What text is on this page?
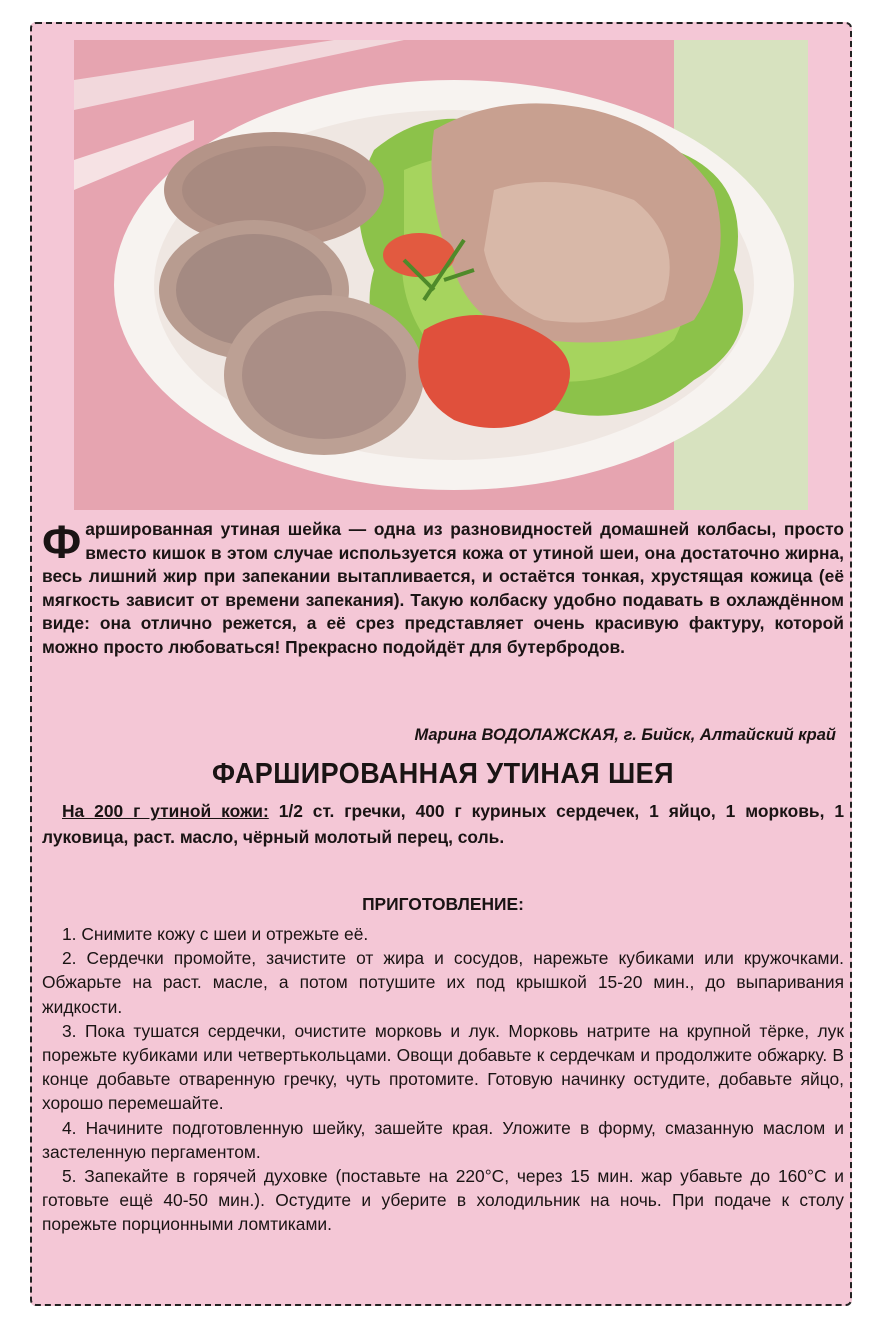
Фаршированная утиная шейка — одна из разновидностей домашней колбасы, просто вместо кишок в этом случае используется кожа от утиной шеи, она достаточно жирна, весь лишний жир при запекании вытапливается, и остаётся тонкая, хрустящая кожица (её мягкость зависит от времени запекания). Такую колбаску удобно подавать в охлаждённом виде: она отлично режется, а её срез представляет очень красивую фактуру, которой можно просто любоваться! Прекрасно подойдёт для бутербродов.

Марина ВОДОЛАЖСКАЯ, г. Бийск, Алтайский край
ФАРШИРОВАННАЯ УТИНАЯ ШЕЯ

На 200 г утиной кожи: 1/2 ст. гречки, 400 г куриных сердечек, 1 яйцо, 1 морковь, 1 луковица, раст. масло, чёрный молотый перец, соль.

ПРИГОТОВЛЕНИЕ:
1. Снимите кожу с шеи и отрежьте её.
2. Сердечки промойте, зачистите от жира и сосудов, нарежьте кубиками или кружочками. Обжарьте на раст. масле, а потом потушите их под крышкой 15-20 мин., до выпаривания жидкости.
3. Пока тушатся сердечки, очистите морковь и лук. Морковь натрите на крупной тёрке, лук порежьте кубиками или четвертькольцами. Овощи добавьте к сердечкам и продолжите обжарку. В конце добавьте отваренную гречку, чуть протомите. Готовую начинку остудите, добавьте яйцо, хорошо перемешайте.
4. Начините подготовленную шейку, зашейте края. Уложите в форму, смазанную маслом и застеленную пергаментом.
5. Запекайте в горячей духовке (поставьте на 220°С, через 15 мин. жар убавьте до 160°С и готовьте ещё 40-50 мин.). Остудите и уберите в холодильник на ночь. При подаче к столу порежьте порционными ломтиками.
